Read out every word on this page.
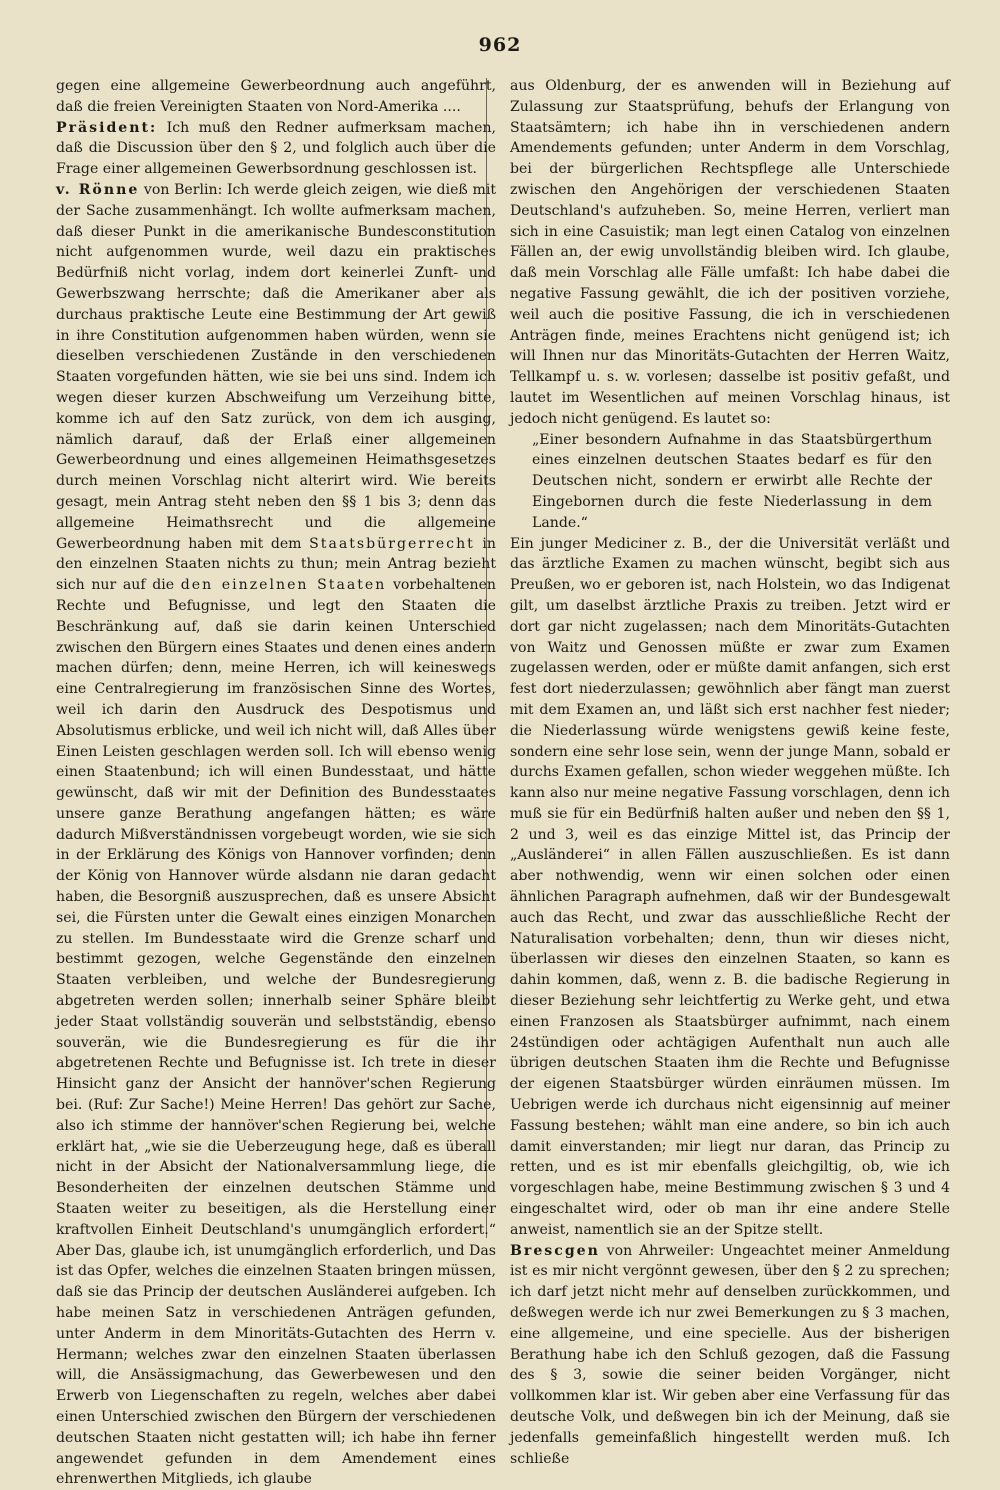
962

gegen eine allgemeine Gewerbeordnung auch angeführt, daß die freien Vereinigten Staaten von Nord-Amerika ....

Präsident: Ich muß den Redner aufmerksam machen, daß die Discussion über den § 2, und folglich auch über die Frage einer allgemeinen Gewerbsordnung geschlossen ist.

v. Rönne von Berlin: Ich werde gleich zeigen, wie dieß mit der Sache zusammenhängt. Ich wollte aufmerksam machen, daß dieser Punkt in die amerikanische Bundesconstitution nicht aufgenommen wurde, weil dazu ein praktisches Bedürfniß nicht vorlag, indem dort keinerlei Zunft- und Gewerbszwang herrschte; daß die Amerikaner aber als durchaus praktische Leute eine Bestimmung der Art gewiß in ihre Constitution aufgenommen haben würden, wenn sie dieselben verschiedenen Zustände in den verschiedenen Staaten vorgefunden hätten, wie sie bei uns sind. Indem ich wegen dieser kurzen Abschweifung um Verzeihung bitte, komme ich auf den Satz zurück, von dem ich ausging, nämlich darauf, daß der Erlaß einer allgemeinen Gewerbeordnung und eines allgemeinen Heimathsgesetzes durch meinen Vorschlag nicht alterirt wird. Wie bereits gesagt, mein Antrag steht neben den §§ 1 bis 3; denn das allgemeine Heimathsrecht und die allgemeine Gewerbeordnung haben mit dem Staatsbürgerrecht in den einzelnen Staaten nichts zu thun; mein Antrag bezieht sich nur auf die den einzelnen Staaten vorbehaltenen Rechte und Befugnisse, und legt den Staaten die Beschränkung auf, daß sie darin keinen Unterschied zwischen den Bürgern eines Staates und denen eines andern machen dürfen; denn, meine Herren, ich will keineswegs eine Centralregierung im französischen Sinne des Wortes, weil ich darin den Ausdruck des Despotismus und Absolutismus erblicke, und weil ich nicht will, daß Alles über Einen Leisten geschlagen werden soll. Ich will ebenso wenig einen Staatenbund; ich will einen Bundesstaat, und hätte gewünscht, daß wir mit der Definition des Bundesstaates unsere ganze Berathung angefangen hätten; es wäre dadurch Mißverständnissen vorgebeugt worden, wie sie sich in der Erklärung des Königs von Hannover vorfinden; denn der König von Hannover würde alsdann nie daran gedacht haben, die Besorgniß auszusprechen, daß es unsere Absicht sei, die Fürsten unter die Gewalt eines einzigen Monarchen zu stellen. Im Bundesstaate wird die Grenze scharf und bestimmt gezogen, welche Gegenstände den einzelnen Staaten verbleiben, und welche der Bundesregierung abgetreten werden sollen; innerhalb seiner Sphäre bleibt jeder Staat vollständig souverän und selbstständig, ebenso souverän, wie die Bundesregierung es für die ihr abgetretenen Rechte und Befugnisse ist. Ich trete in dieser Hinsicht ganz der Ansicht der hannöver'schen Regierung bei. (Ruf: Zur Sache!) Meine Herren! Das gehört zur Sache, also ich stimme der hannöver'schen Regierung bei, welche erklärt hat, „wie sie die Ueberzeugung hege, daß es überall nicht in der Absicht der Nationalversammlung liege, die Besonderheiten der einzelnen deutschen Stämme und Staaten weiter zu beseitigen, als die Herstellung einer kraftvollen Einheit Deutschland's unumgänglich erfordert.“ Aber Das, glaube ich, ist unumgänglich erforderlich, und Das ist das Opfer, welches die einzelnen Staaten bringen müssen, daß sie das Princip der deutschen Ausländerei aufgeben. Ich habe meinen Satz in verschiedenen Anträgen gefunden, unter Anderm in dem Minoritäts-Gutachten des Herrn v. Hermann; welches zwar den einzelnen Staaten überlassen will, die Ansässigmachung, das Gewerbewesen und den Erwerb von Liegenschaften zu regeln, welches aber dabei einen Unterschied zwischen den Bürgern der verschiedenen deutschen Staaten nicht gestatten will; ich habe ihn ferner angewendet gefunden in dem Amendement eines ehrenwerthen Mitglieds, ich glaube

aus Oldenburg, der es anwenden will in Beziehung auf Zulassung zur Staatsprüfung, behufs der Erlangung von Staatsämtern; ich habe ihn in verschiedenen andern Amendements gefunden; unter Anderm in dem Vorschlag, bei der bürgerlichen Rechtspflege alle Unterschiede zwischen den Angehörigen der verschiedenen Staaten Deutschland's aufzuheben. So, meine Herren, verliert man sich in eine Casuistik; man legt einen Catalog von einzelnen Fällen an, der ewig unvollständig bleiben wird. Ich glaube, daß mein Vorschlag alle Fälle umfaßt: Ich habe dabei die negative Fassung gewählt, die ich der positiven vorziehe, weil auch die positive Fassung, die ich in verschiedenen Anträgen finde, meines Erachtens nicht genügend ist; ich will Ihnen nur das Minoritäts-Gutachten der Herren Waitz, Tellkampf u. s. w. vorlesen; dasselbe ist positiv gefaßt, und lautet im Wesentlichen auf meinen Vorschlag hinaus, ist jedoch nicht genügend. Es lautet so:

„Einer besondern Aufnahme in das Staatsbürgerthum eines einzelnen deutschen Staates bedarf es für den Deutschen nicht, sondern er erwirbt alle Rechte der Eingebornen durch die feste Niederlassung in dem Lande.“

Ein junger Mediciner z. B., der die Universität verläßt und das ärztliche Examen zu machen wünscht, begibt sich aus Preußen, wo er geboren ist, nach Holstein, wo das Indigenat gilt, um daselbst ärztliche Praxis zu treiben. Jetzt wird er dort gar nicht zugelassen; nach dem Minoritäts-Gutachten von Waitz und Genossen müßte er zwar zum Examen zugelassen werden, oder er müßte damit anfangen, sich erst fest dort niederzulassen; gewöhnlich aber fängt man zuerst mit dem Examen an, und läßt sich erst nachher fest nieder; die Niederlassung würde wenigstens gewiß keine feste, sondern eine sehr lose sein, wenn der junge Mann, sobald er durchs Examen gefallen, schon wieder weggehen müßte. Ich kann also nur meine negative Fassung vorschlagen, denn ich muß sie für ein Bedürfniß halten außer und neben den §§ 1, 2 und 3, weil es das einzige Mittel ist, das Princip der „Ausländerei“ in allen Fällen auszuschließen. Es ist dann aber nothwendig, wenn wir einen solchen oder einen ähnlichen Paragraph aufnehmen, daß wir der Bundesgewalt auch das Recht, und zwar das ausschließliche Recht der Naturalisation vorbehalten; denn, thun wir dieses nicht, überlassen wir dieses den einzelnen Staaten, so kann es dahin kommen, daß, wenn z. B. die badische Regierung in dieser Beziehung sehr leichtfertig zu Werke geht, und etwa einen Franzosen als Staatsbürger aufnimmt, nach einem 24stündigen oder achtägigen Aufenthalt nun auch alle übrigen deutschen Staaten ihm die Rechte und Befugnisse der eigenen Staatsbürger würden einräumen müssen. Im Uebrigen werde ich durchaus nicht eigensinnig auf meiner Fassung bestehen; wählt man eine andere, so bin ich auch damit einverstanden; mir liegt nur daran, das Princip zu retten, und es ist mir ebenfalls gleichgiltig, ob, wie ich vorgeschlagen habe, meine Bestimmung zwischen § 3 und 4 eingeschaltet wird, oder ob man ihr eine andere Stelle anweist, namentlich sie an der Spitze stellt.

Brescgen von Ahrweiler: Ungeachtet meiner Anmeldung ist es mir nicht vergönnt gewesen, über den § 2 zu sprechen; ich darf jetzt nicht mehr auf denselben zurückkommen, und deßwegen werde ich nur zwei Bemerkungen zu § 3 machen, eine allgemeine, und eine specielle. Aus der bisherigen Berathung habe ich den Schluß gezogen, daß die Fassung des § 3, sowie die seiner beiden Vorgänger, nicht vollkommen klar ist. Wir geben aber eine Verfassung für das deutsche Volk, und deßwegen bin ich der Meinung, daß sie jedenfalls gemeinfaßlich hingestellt werden muß. Ich schließe
